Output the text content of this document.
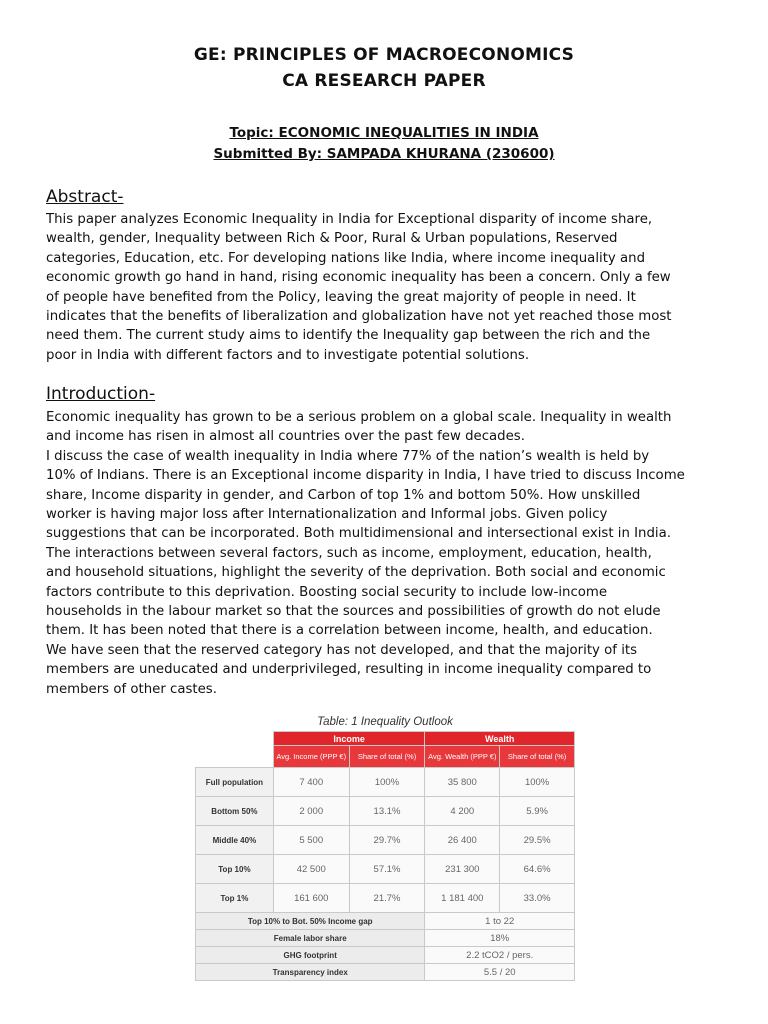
GE: PRINCIPLES OF MACROECONOMICS
CA RESEARCH PAPER
Topic: ECONOMIC INEQUALITIES IN INDIA
Submitted By: SAMPADA KHURANA (230600)
Abstract-
This paper analyzes Economic Inequality in India for Exceptional disparity of income share,
wealth, gender, Inequality between Rich & Poor, Rural & Urban populations, Reserved
categories, Education, etc. For developing nations like India, where income inequality and
economic growth go hand in hand, rising economic inequality has been a concern. Only a few
of people have benefited from the Policy, leaving the great majority of people in need. It
indicates that the benefits of liberalization and globalization have not yet reached those most
need them. The current study aims to identify the Inequality gap between the rich and the
poor in India with different factors and to investigate potential solutions.
Introduction-
Economic inequality has grown to be a serious problem on a global scale. Inequality in wealth
and income has risen in almost all countries over the past few decades.
I discuss the case of wealth inequality in India where 77% of the nation’s wealth is held by
10% of Indians. There is an Exceptional income disparity in India, I have tried to discuss Income
share, Income disparity in gender, and Carbon of top 1% and bottom 50%. How unskilled
worker is having major loss after Internationalization and Informal jobs. Given policy
suggestions that can be incorporated. Both multidimensional and intersectional exist in India.
The interactions between several factors, such as income, employment, education, health,
and household situations, highlight the severity of the deprivation. Both social and economic
factors contribute to this deprivation. Boosting social security to include low-income
households in the labour market so that the sources and possibilities of growth do not elude
them. It has been noted that there is a correlation between income, health, and education.
We have seen that the reserved category has not developed, and that the majority of its
members are uneducated and underprivileged, resulting in income inequality compared to
members of other castes.
Table: 1 Inequality Outlook
	Income		Wealth	
	Avg. Income (PPP €)	Share of total (%)	Avg. Wealth (PPP €)	Share of total (%)
Full population	7 400	100%	35 800	100%
Bottom 50%	2 000	13.1%	4 200	5.9%
Middle 40%	5 500	29.7%	26 400	29.5%
Top 10%	42 500	57.1%	231 300	64.6%
Top 1%	161 600	21.7%	1 181 400	33.0%
Top 10% to Bot. 50% Income gap			1 to 22	
Female labor share			18%	
GHG footprint			2.2 tCO2 / pers.	
Transparency index			5.5 / 20	
